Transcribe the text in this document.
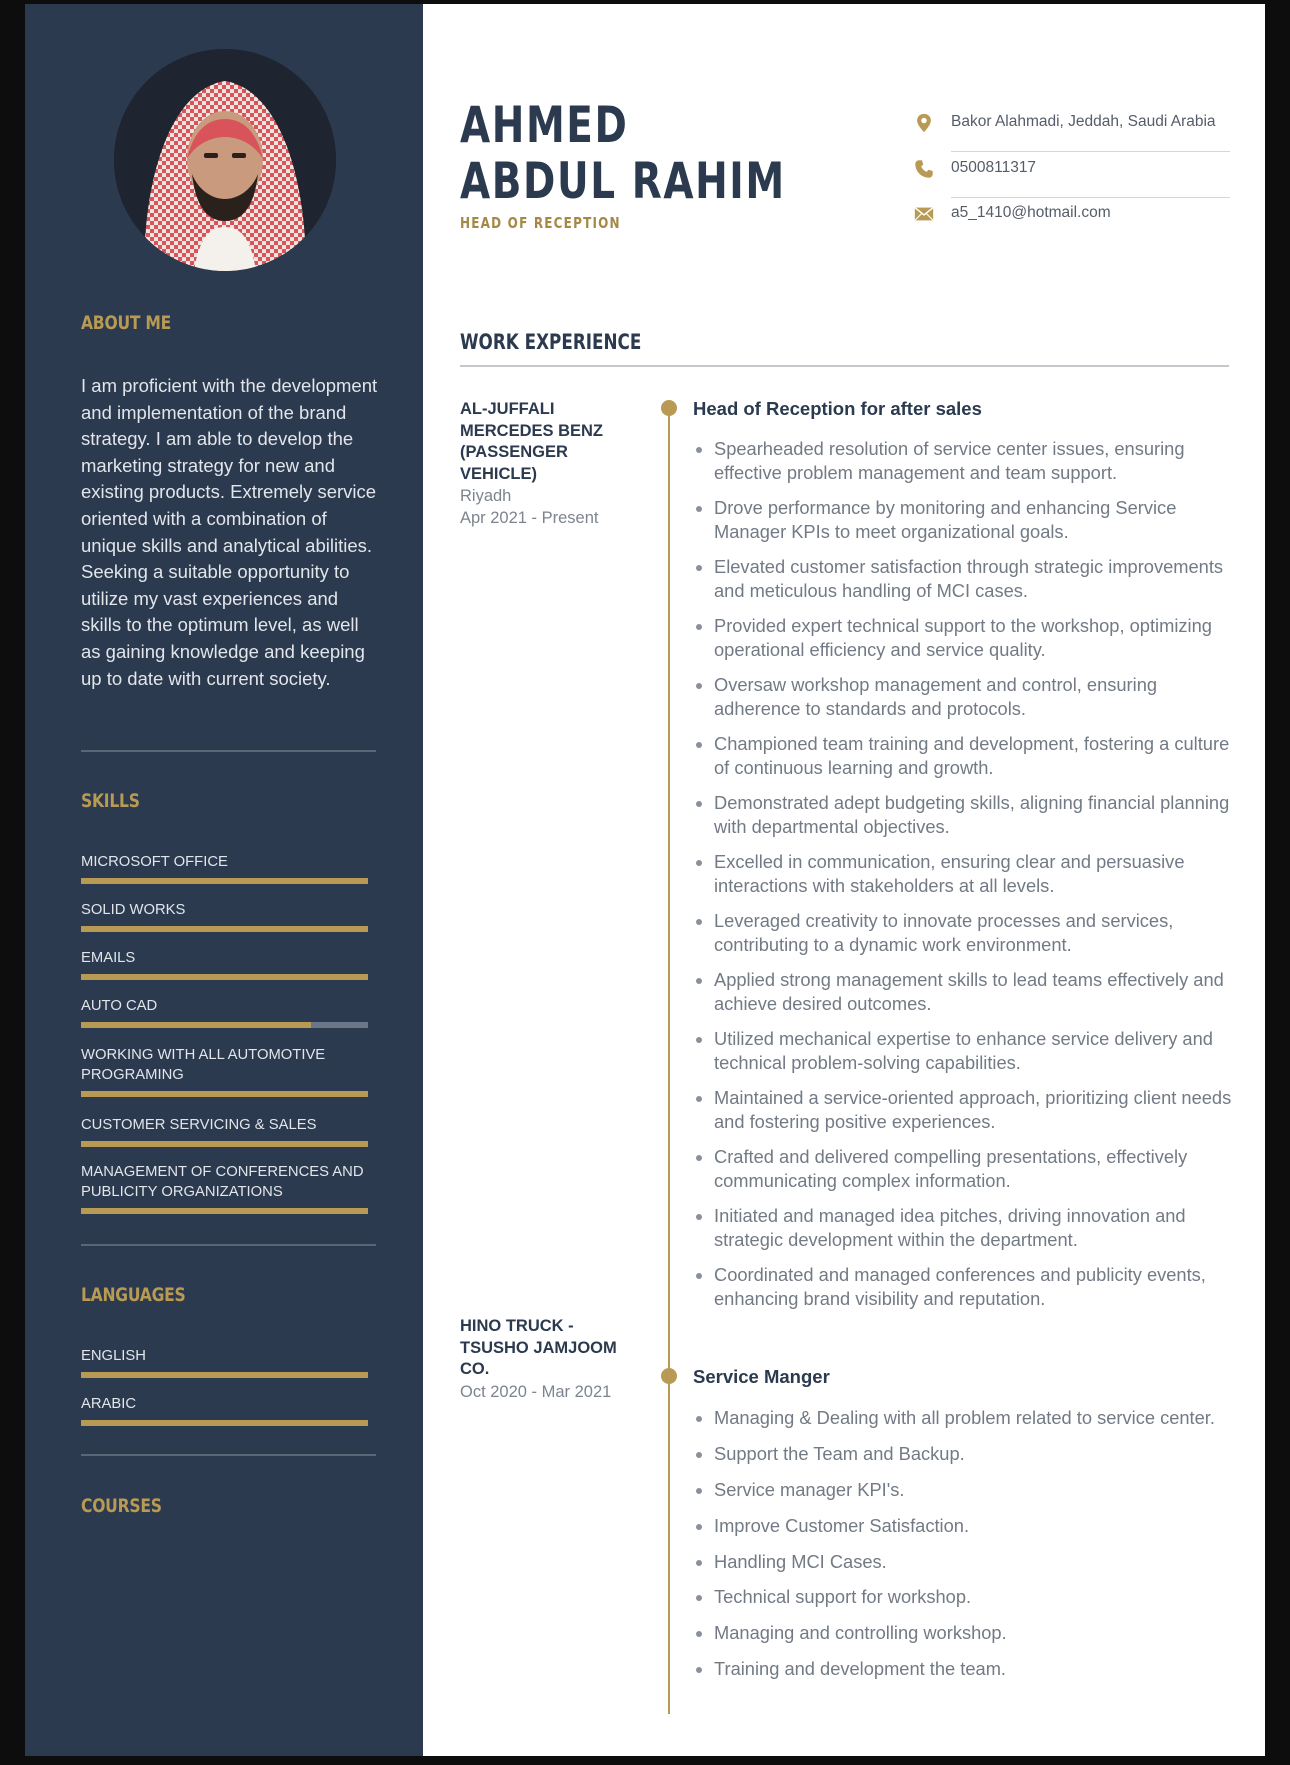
ABOUT ME
I am proficient with the development and implementation of the brand strategy. I am able to develop the marketing strategy for new and existing products. Extremely service oriented with a combination of unique skills and analytical abilities. Seeking a suitable opportunity to utilize my vast experiences and skills to the optimum level, as well as gaining knowledge and keeping up to date with current society.
SKILLS
MICROSOFT OFFICE
SOLID WORKS
EMAILS
AUTO CAD
WORKING WITH ALL AUTOMOTIVE PROGRAMING
CUSTOMER SERVICING & SALES
MANAGEMENT OF CONFERENCES AND PUBLICITY ORGANIZATIONS
LANGUAGES
ENGLISH
ARABIC
COURSES
AHMED
ABDUL RAHIM
HEAD OF RECEPTION
Bakor Alahmadi, Jeddah, Saudi Arabia
0500811317
a5_1410@hotmail.com
WORK EXPERIENCE
AL-JUFFALI MERCEDES BENZ (PASSENGER VEHICLE)
Riyadh
Apr 2021 - Present
Head of Reception for after sales
Spearheaded resolution of service center issues, ensuring effective problem management and team support.
Drove performance by monitoring and enhancing Service Manager KPIs to meet organizational goals.
Elevated customer satisfaction through strategic improvements and meticulous handling of MCI cases.
Provided expert technical support to the workshop, optimizing operational efficiency and service quality.
Oversaw workshop management and control, ensuring adherence to standards and protocols.
Championed team training and development, fostering a culture of continuous learning and growth.
Demonstrated adept budgeting skills, aligning financial planning with departmental objectives.
Excelled in communication, ensuring clear and persuasive interactions with stakeholders at all levels.
Leveraged creativity to innovate processes and services, contributing to a dynamic work environment.
Applied strong management skills to lead teams effectively and achieve desired outcomes.
Utilized mechanical expertise to enhance service delivery and technical problem-solving capabilities.
Maintained a service-oriented approach, prioritizing client needs and fostering positive experiences.
Crafted and delivered compelling presentations, effectively communicating complex information.
Initiated and managed idea pitches, driving innovation and strategic development within the department.
Coordinated and managed conferences and publicity events, enhancing brand visibility and reputation.
HINO TRUCK - TSUSHO JAMJOOM CO.
Oct 2020 - Mar 2021
Service Manger
Managing & Dealing with all problem related to service center.
Support the Team and Backup.
Service manager KPI's.
Improve Customer Satisfaction.
Handling MCI Cases.
Technical support for workshop.
Managing and controlling workshop.
Training and development the team.
